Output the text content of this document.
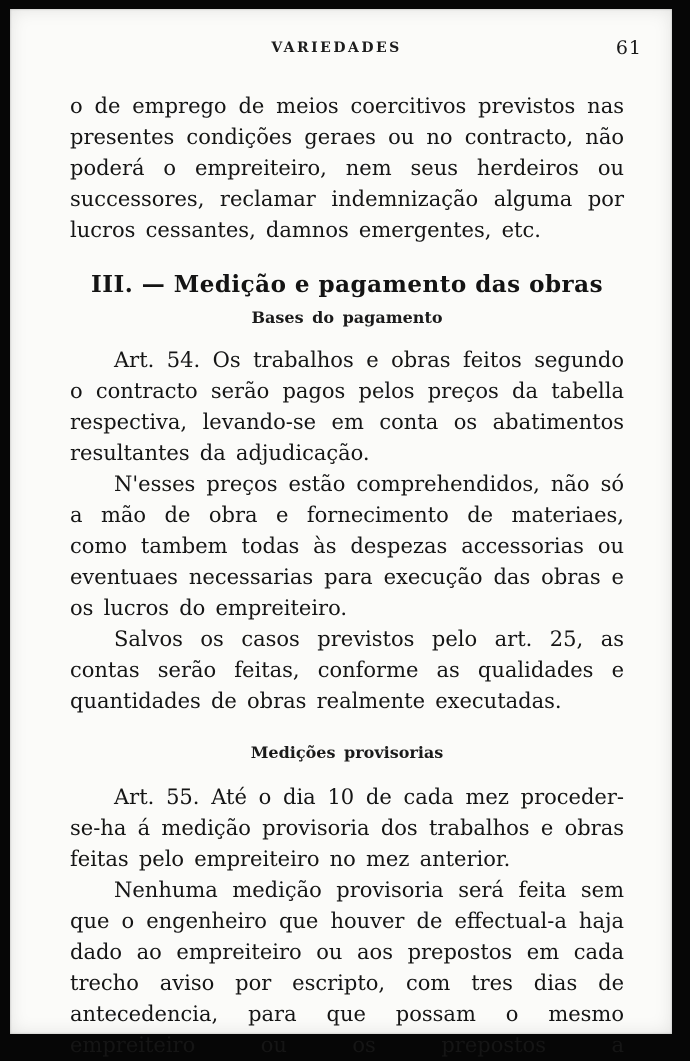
VARIEDADES	61

o de emprego de meios coercitivos previstos nas presentes condições geraes ou no contracto, não poderá o empreiteiro, nem seus herdeiros ou successores, reclamar indemnização alguma por lucros cessantes, damnos emergentes, etc.

III. — Medição e pagamento das obras
Bases do pagamento

Art. 54. Os trabalhos e obras feitos segundo o contracto serão pagos pelos preços da tabella respectiva, levando-se em conta os abatimentos resultantes da adjudicação.

N'esses preços estão comprehendidos, não só a mão de obra e fornecimento de materiaes, como tambem todas às despezas accessorias ou eventuaes necessarias para execução das obras e os lucros do empreiteiro.

Salvos os casos previstos pelo art. 25, as contas serão feitas, conforme as qualidades e quantidades de obras realmente executadas.

Medições provisorias

Art. 55. Até o dia 10 de cada mez proceder-se-ha á medição provisoria dos trabalhos e obras feitas pelo empreiteiro no mez anterior.

Nenhuma medição provisoria será feita sem que o engenheiro que houver de effectual-a haja dado ao empreiteiro ou aos prepostos em cada trecho aviso por escripto, com tres dias de antecedencia, para que possam o mesmo empreiteiro ou os prepostos a
